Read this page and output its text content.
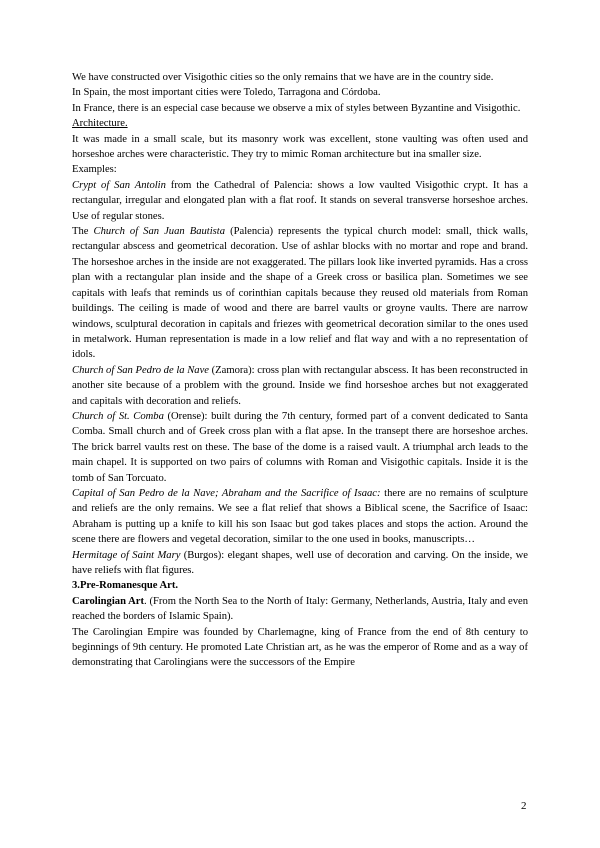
We have constructed over Visigothic cities so the only remains that we have are in the country side.

In Spain, the most important cities were Toledo, Tarragona and Córdoba.

In France, there is an especial case because we observe a mix of styles between Byzantine and Visigothic.

Architecture.

It was made in a small scale, but its masonry work was excellent, stone vaulting was often used and horseshoe arches were characteristic. They try to mimic Roman architecture but ina smaller size.

Examples:

Crypt of San Antolin from the Cathedral of Palencia: shows a low vaulted Visigothic crypt. It has a rectangular, irregular and elongated plan with a flat roof. It stands on several transverse horseshoe arches. Use of regular stones.

The Church of San Juan Bautista (Palencia) represents the typical church model: small, thick walls, rectangular abscess and geometrical decoration. Use of ashlar blocks with no mortar and rope and brand. The horseshoe arches in the inside are not exaggerated. The pillars look like inverted pyramids. Has a cross plan with a rectangular plan inside and the shape of a Greek cross or basilica plan. Sometimes we see capitals with leafs that reminds us of corinthian capitals because they reused old materials from Roman buildings. The ceiling is made of wood and there are barrel vaults or groyne vaults. There are narrow windows, sculptural decoration in capitals and friezes with geometrical decoration similar to the ones used in metalwork. Human representation is made in a low relief and flat way and with a no representation of idols.

Church of San Pedro de la Nave (Zamora): cross plan with rectangular abscess. It has been reconstructed in another site because of a problem with the ground. Inside we find horseshoe arches but not exaggerated and capitals with decoration and reliefs.

Church of St. Comba (Orense): built during the 7th century, formed part of a convent dedicated to Santa Comba. Small church and of Greek cross plan with a flat apse. In the transept there are horseshoe arches. The brick barrel vaults rest on these. The base of the dome is a raised vault. A triumphal arch leads to the main chapel. It is supported on two pairs of columns with Roman and Visigothic capitals. Inside it is the tomb of San Torcuato.

Capital of San Pedro de la Nave; Abraham and the Sacrifice of Isaac: there are no remains of sculpture and reliefs are the only remains. We see a flat relief that shows a Biblical scene, the Sacrifice of Isaac: Abraham is putting up a knife to kill his son Isaac but god takes places and stops the action. Around the scene there are flowers and vegetal decoration, similar to the one used in books, manuscripts…

Hermitage of Saint Mary (Burgos): elegant shapes, well use of decoration and carving. On the inside, we have reliefs with flat figures.

3.Pre-Romanesque Art.

Carolingian Art. (From the North Sea to the North of Italy: Germany, Netherlands, Austria, Italy and even reached the borders of Islamic Spain).

The Carolingian Empire was founded by Charlemagne, king of France from the end of 8th century to beginnings of 9th century. He promoted Late Christian art, as he was the emperor of Rome and as a way of demonstrating that Carolingians were the successors of the Empire

2
